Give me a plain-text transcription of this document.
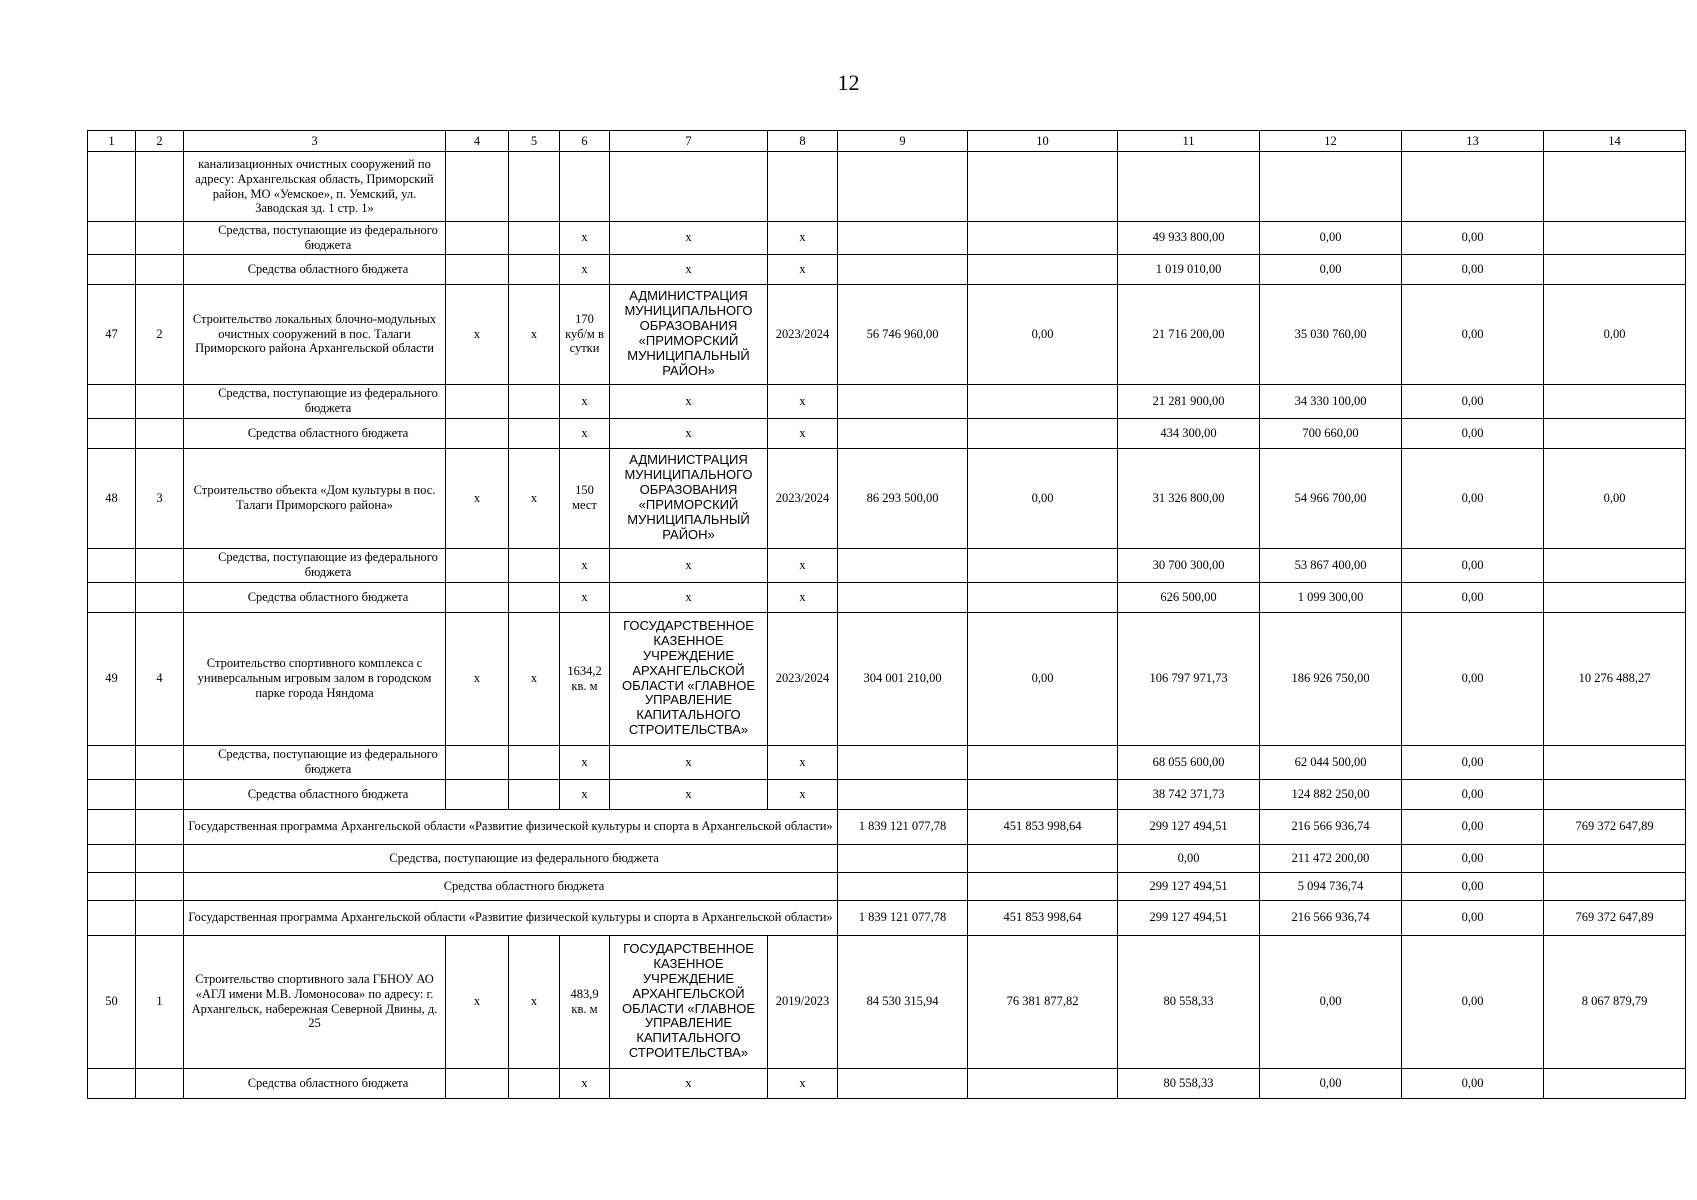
12
1	2	3	4	5	6	7	8	9	10	11	12	13	14
		канализационных очистных сооружений по адресу: Архангельская область, Приморский район, МО «Уемское», п. Уемский, ул. Заводская зд. 1 стр. 1»											
		Средства, поступающие из федерального бюджета			x	x	x			49 933 800,00	0,00	0,00	
		Средства областного бюджета			x	x	x			1 019 010,00	0,00	0,00	
47	2	Строительство локальных блочно-модульных очистных сооружений в пос. Талаги Приморского района Архангельской области	x	x	170 куб/м в сутки	АДМИНИСТРАЦИЯ МУНИЦИПАЛЬНОГО ОБРАЗОВАНИЯ «ПРИМОРСКИЙ МУНИЦИПАЛЬНЫЙ РАЙОН»	2023/2024	56 746 960,00	0,00	21 716 200,00	35 030 760,00	0,00	0,00
		Средства, поступающие из федерального бюджета			x	x	x			21 281 900,00	34 330 100,00	0,00	
		Средства областного бюджета			x	x	x			434 300,00	700 660,00	0,00	
48	3	Строительство объекта «Дом культуры в пос. Талаги Приморского района»	x	x	150 мест	АДМИНИСТРАЦИЯ МУНИЦИПАЛЬНОГО ОБРАЗОВАНИЯ «ПРИМОРСКИЙ МУНИЦИПАЛЬНЫЙ РАЙОН»	2023/2024	86 293 500,00	0,00	31 326 800,00	54 966 700,00	0,00	0,00
		Средства, поступающие из федерального бюджета			x	x	x			30 700 300,00	53 867 400,00	0,00	
		Средства областного бюджета			x	x	x			626 500,00	1 099 300,00	0,00	
49	4	Строительство спортивного комплекса с универсальным игровым залом в городском парке города Няндома	x	x	1634,2 кв. м	ГОСУДАРСТВЕННОЕ КАЗЕННОЕ УЧРЕЖДЕНИЕ АРХАНГЕЛЬСКОЙ ОБЛАСТИ «ГЛАВНОЕ УПРАВЛЕНИЕ КАПИТАЛЬНОГО СТРОИТЕЛЬСТВА»	2023/2024	304 001 210,00	0,00	106 797 971,73	186 926 750,00	0,00	10 276 488,27
		Средства, поступающие из федерального бюджета			x	x	x			68 055 600,00	62 044 500,00	0,00	
		Средства областного бюджета			x	x	x			38 742 371,73	124 882 250,00	0,00	
		Государственная программа Архангельской области «Развитие физической культуры и спорта в Архангельской области»						1 839 121 077,78	451 853 998,64	299 127 494,51	216 566 936,74	0,00	769 372 647,89
		Средства, поступающие из федерального бюджета								0,00	211 472 200,00	0,00	
		Средства областного бюджета								299 127 494,51	5 094 736,74	0,00	
		Государственная программа Архангельской области «Развитие физической культуры и спорта в Архангельской области»						1 839 121 077,78	451 853 998,64	299 127 494,51	216 566 936,74	0,00	769 372 647,89
50	1	Строительство спортивного зала ГБНОУ АО «АГЛ имени М.В. Ломоносова» по адресу: г. Архангельск, набережная Северной Двины, д. 25	x	x	483,9 кв. м	ГОСУДАРСТВЕННОЕ КАЗЕННОЕ УЧРЕЖДЕНИЕ АРХАНГЕЛЬСКОЙ ОБЛАСТИ «ГЛАВНОЕ УПРАВЛЕНИЕ КАПИТАЛЬНОГО СТРОИТЕЛЬСТВА»	2019/2023	84 530 315,94	76 381 877,82	80 558,33	0,00	0,00	8 067 879,79
		Средства областного бюджета			x	x	x			80 558,33	0,00	0,00	
